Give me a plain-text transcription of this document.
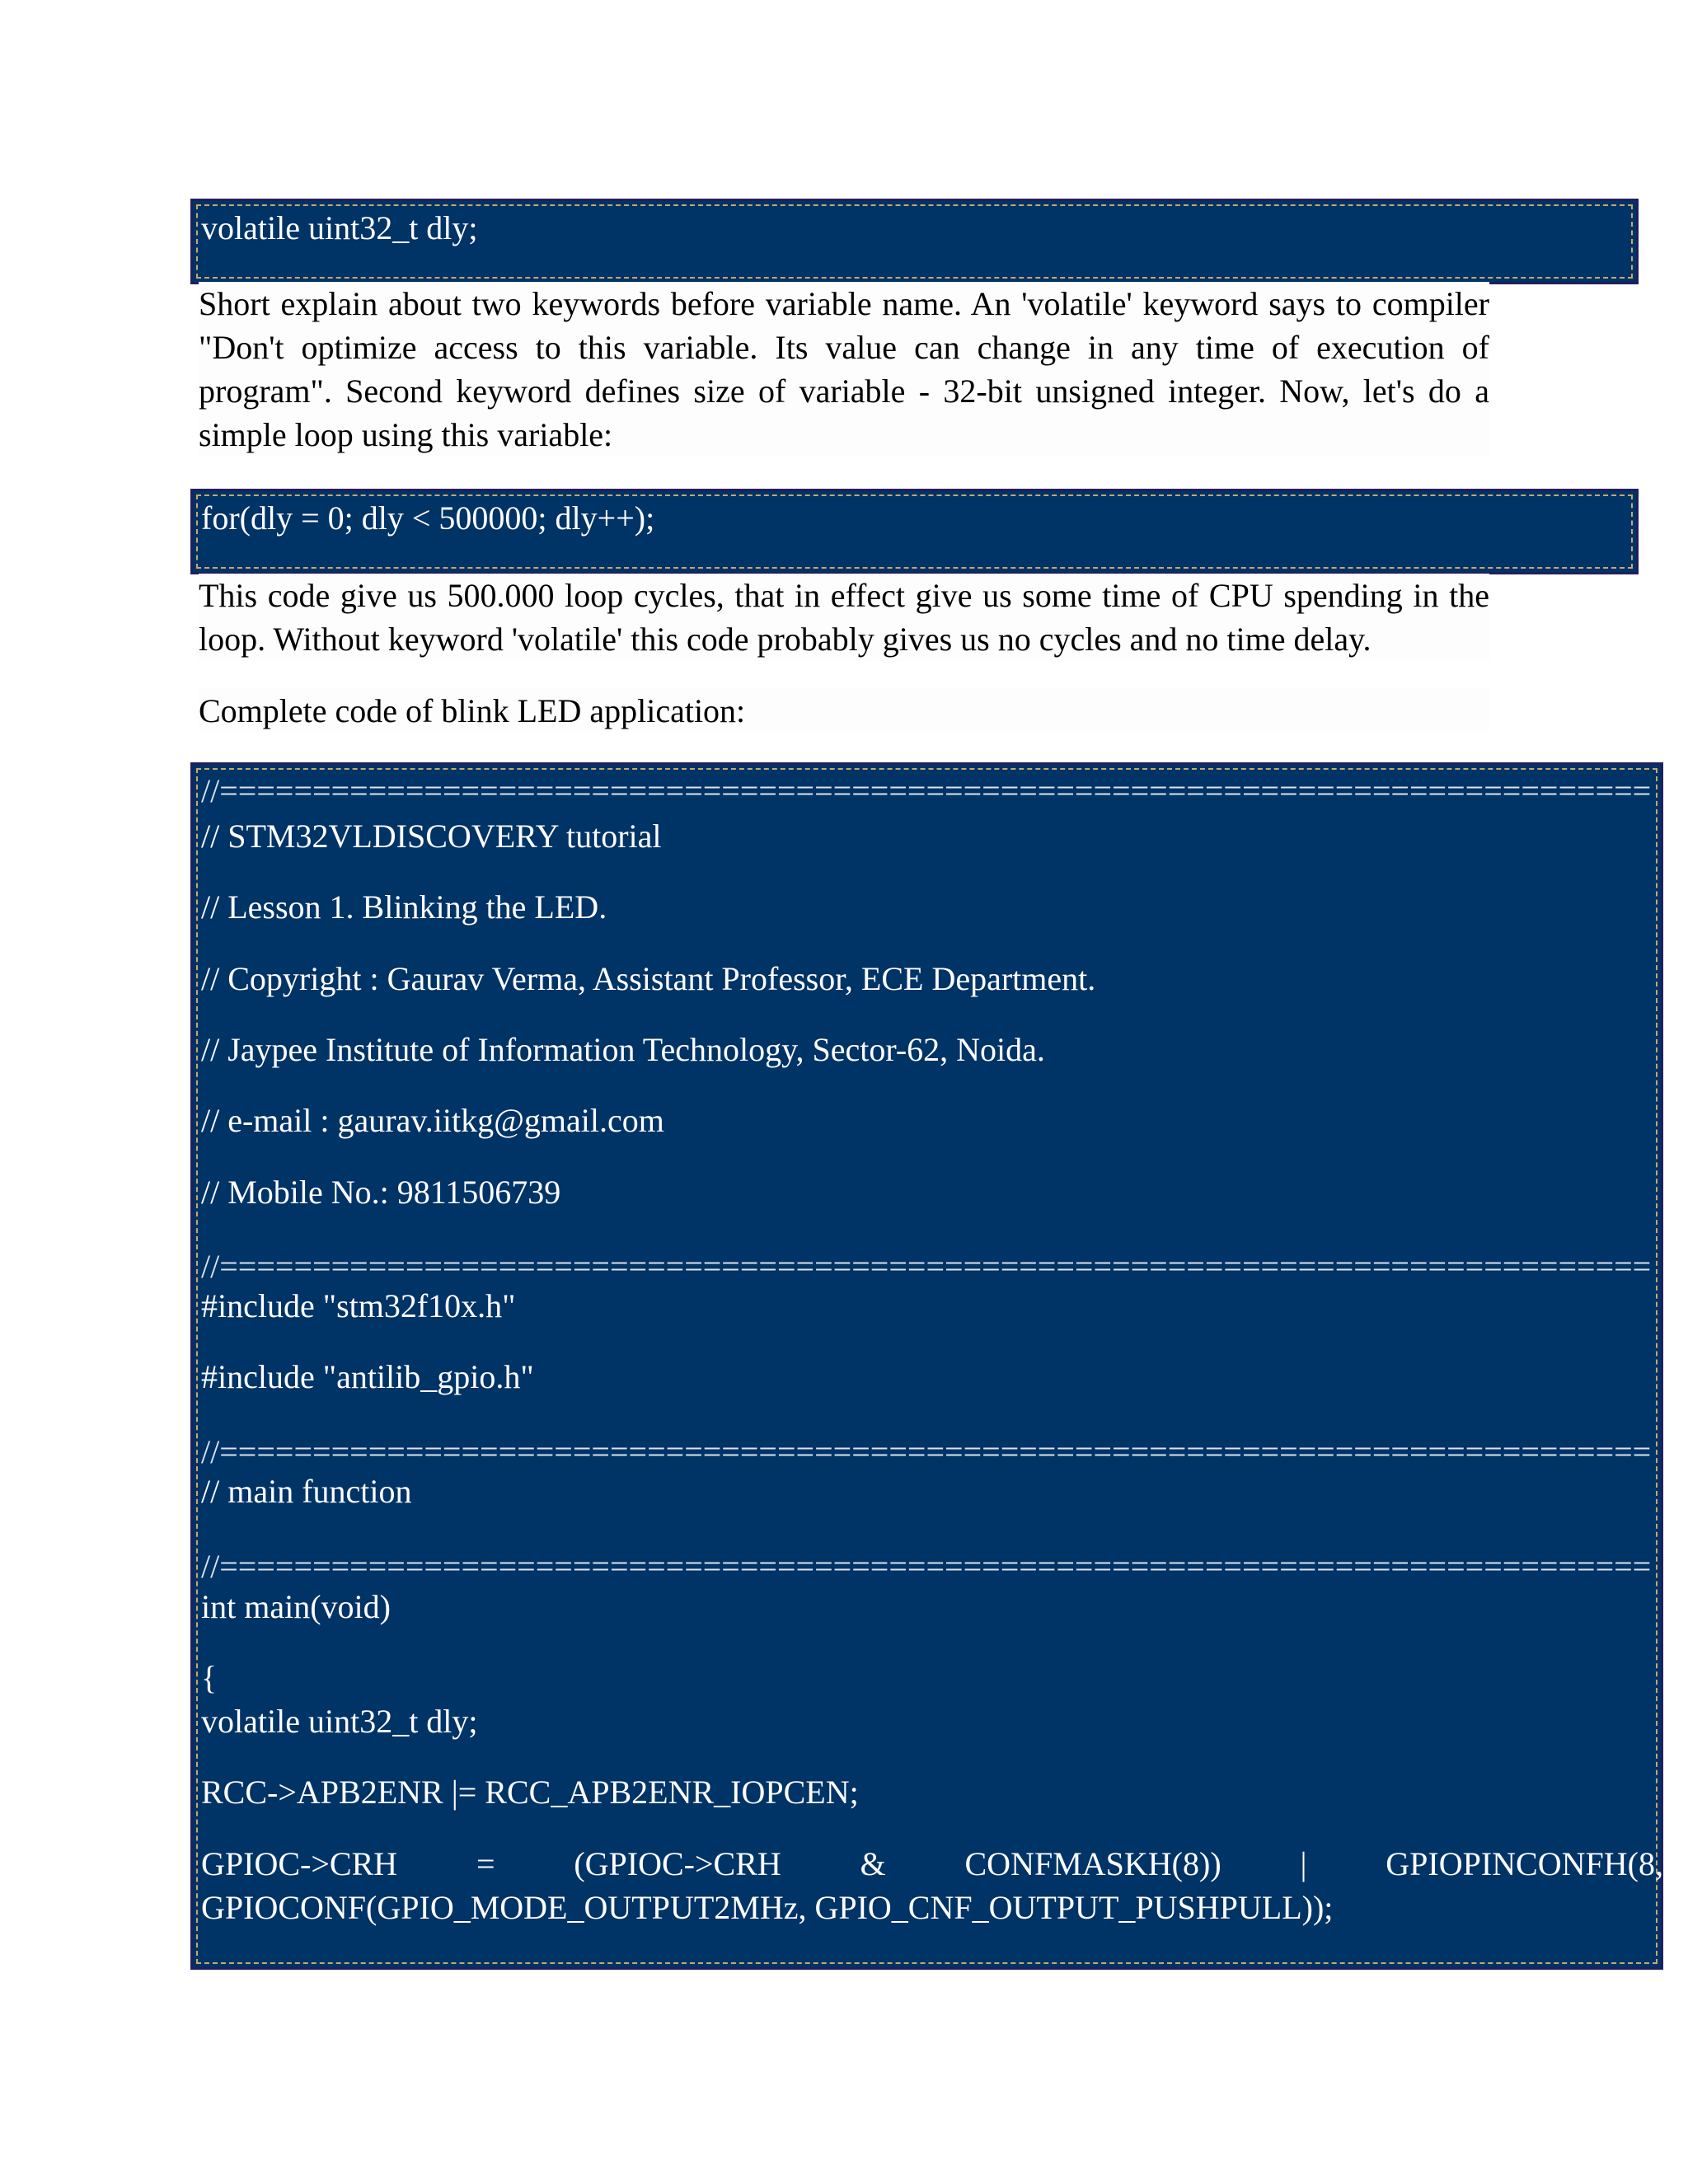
volatile uint32_t dly;
Short explain about two keywords before variable name. An 'volatile' keyword says to compiler "Don't optimize access to this variable. Its value can change in any time of execution of program". Second keyword defines size of variable - 32-bit unsigned integer. Now, let's do a simple loop using this variable:
for(dly = 0; dly < 500000; dly++);
This code give us 500.000 loop cycles, that in effect give us some time of CPU spending in the loop. Without keyword 'volatile' this code probably gives us no cycles and no time delay.
Complete code of blink LED application:
//=============================================================================
// STM32VLDISCOVERY tutorial
// Lesson 1. Blinking the LED.
// Copyright : Gaurav Verma, Assistant Professor, ECE Department.
// Jaypee Institute of Information Technology, Sector-62, Noida.
// e-mail : gaurav.iitkg@gmail.com
// Mobile No.: 9811506739
//=============================================================================
#include "stm32f10x.h"
#include "antilib_gpio.h"
//=============================================================================
// main function
//=============================================================================
int main(void)
{
volatile uint32_t dly;
RCC->APB2ENR |= RCC_APB2ENR_IOPCEN;
GPIOC->CRH = (GPIOC->CRH & CONFMASKH(8)) | GPIOPINCONFH(8,
GPIOCONF(GPIO_MODE_OUTPUT2MHz, GPIO_CNF_OUTPUT_PUSHPULL));
